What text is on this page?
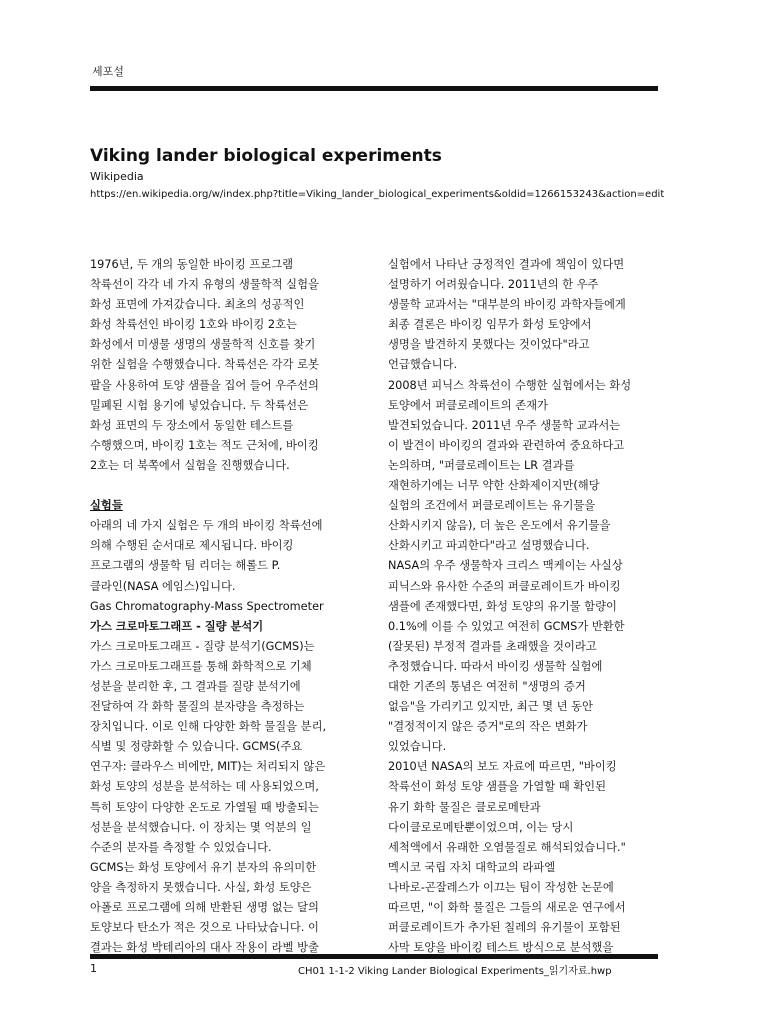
세포설
Viking lander biological experiments
Wikipedia
https://en.wikipedia.org/w/index.php?title=Viking_lander_biological_experiments&oldid=1266153243&action=edit
1976년, 두 개의 동일한 바이킹 프로그램
착륙선이 각각 네 가지 유형의 생물학적 실험을
화성 표면에 가져갔습니다. 최초의 성공적인
화성 착륙선인 바이킹 1호와 바이킹 2호는
화성에서 미생물 생명의 생물학적 신호를 찾기
위한 실험을 수행했습니다. 착륙선은 각각 로봇
팔을 사용하여 토양 샘플을 집어 들어 우주선의
밀폐된 시험 용기에 넣었습니다. 두 착륙선은
화성 표면의 두 장소에서 동일한 테스트를
수행했으며, 바이킹 1호는 적도 근처에, 바이킹
2호는 더 북쪽에서 실험을 진행했습니다.
실험들
아래의 네 가지 실험은 두 개의 바이킹 착륙선에
의해 수행된 순서대로 제시됩니다. 바이킹
프로그램의 생물학 팀 리더는 해롤드 P.
클라인(NASA 에임스)입니다.
Gas Chromatography-Mass Spectrometer
가스 크로마토그래프 - 질량 분석기
가스 크로마토그래프 - 질량 분석기(GCMS)는
가스 크로마토그래프를 통해 화학적으로 기체
성분을 분리한 후, 그 결과를 질량 분석기에
전달하여 각 화학 물질의 분자량을 측정하는
장치입니다. 이로 인해 다양한 화학 물질을 분리,
식별 및 정량화할 수 있습니다. GCMS(주요
연구자: 클라우스 비에만, MIT)는 처리되지 않은
화성 토양의 성분을 분석하는 데 사용되었으며,
특히 토양이 다양한 온도로 가열될 때 방출되는
성분을 분석했습니다. 이 장치는 몇 억분의 일
수준의 분자를 측정할 수 있었습니다.
GCMS는 화성 토양에서 유기 분자의 유의미한
양을 측정하지 못했습니다. 사실, 화성 토양은
아폴로 프로그램에 의해 반환된 생명 없는 달의
토양보다 탄소가 적은 것으로 나타났습니다. 이
결과는 화성 박테리아의 대사 작용이 라벨 방출
실험에서 나타난 긍정적인 결과에 책임이 있다면
설명하기 어려웠습니다. 2011년의 한 우주
생물학 교과서는 "대부분의 바이킹 과학자들에게
최종 결론은 바이킹 임무가 화성 토양에서
생명을 발견하지 못했다는 것이었다"라고
언급했습니다.
2008년 피닉스 착륙선이 수행한 실험에서는 화성
토양에서 퍼클로레이트의 존재가
발견되었습니다. 2011년 우주 생물학 교과서는
이 발견이 바이킹의 결과와 관련하여 중요하다고
논의하며, "퍼클로레이트는 LR 결과를
재현하기에는 너무 약한 산화제이지만(해당
실험의 조건에서 퍼클로레이트는 유기물을
산화시키지 않음), 더 높은 온도에서 유기물을
산화시키고 파괴한다"라고 설명했습니다.
NASA의 우주 생물학자 크리스 맥케이는 사실상
피닉스와 유사한 수준의 퍼클로레이트가 바이킹
샘플에 존재했다면, 화성 토양의 유기물 함량이
0.1%에 이를 수 있었고 여전히 GCMS가 반환한
(잘못된) 부정적 결과를 초래했을 것이라고
추정했습니다. 따라서 바이킹 생물학 실험에
대한 기존의 통념은 여전히 "생명의 증거
없음"을 가리키고 있지만, 최근 몇 년 동안
"결정적이지 않은 증거"로의 작은 변화가
있었습니다.
2010년 NASA의 보도 자료에 따르면, "바이킹
착륙선이 화성 토양 샘플을 가열할 때 확인된
유기 화학 물질은 클로로메탄과
다이클로로메탄뿐이었으며, 이는 당시
세척액에서 유래한 오염물질로 해석되었습니다."
멕시코 국립 자치 대학교의 라파엘
나바로-곤잘레스가 이끄는 팀이 작성한 논문에
따르면, "이 화학 물질은 그들의 새로운 연구에서
퍼클로레이트가 추가된 칠레의 유기물이 포함된
사막 토양을 바이킹 테스트 방식으로 분석했을
1	CH01 1-1-2 Viking Lander Biological Experiments_읽기자료.hwp
